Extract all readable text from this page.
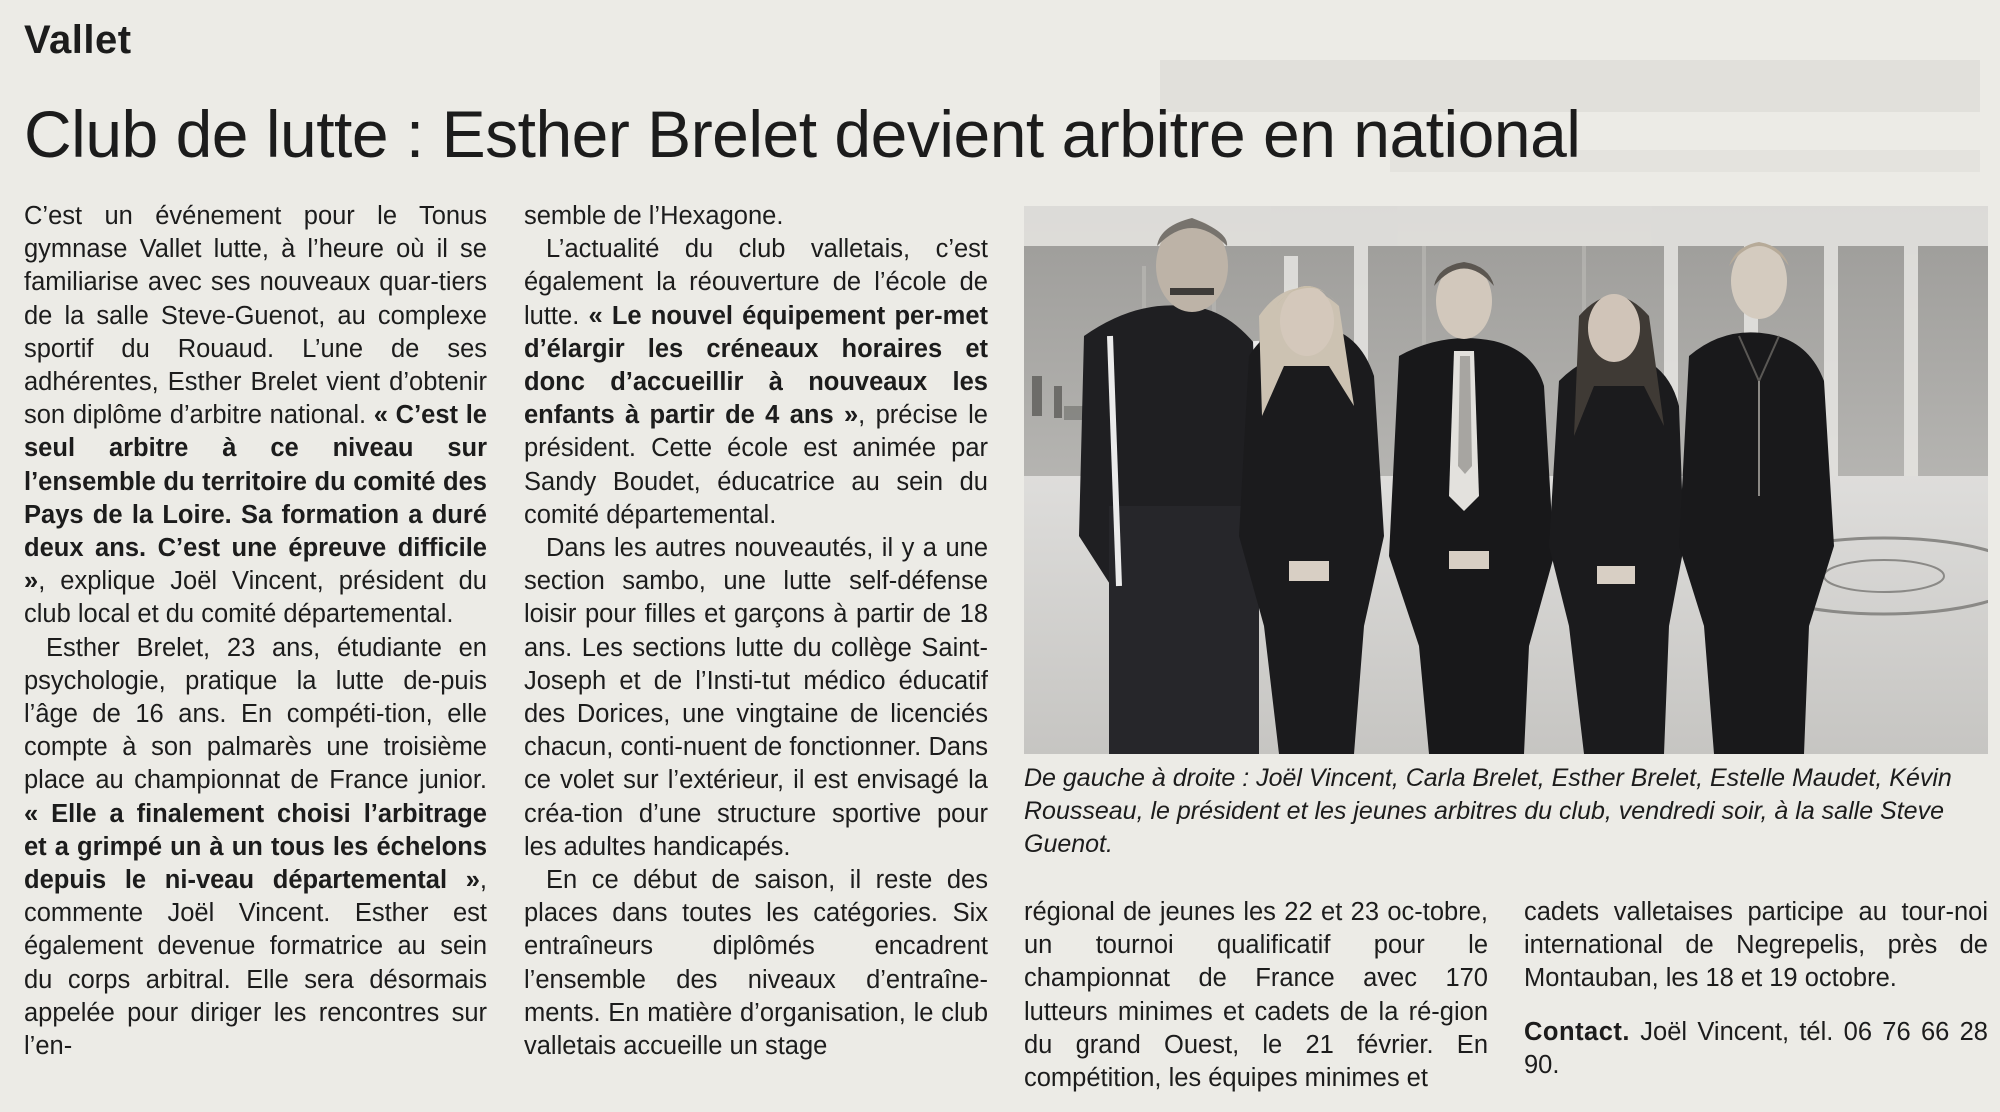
Vallet
Club de lutte : Esther Brelet devient arbitre en national

C’est un événement pour le Tonus gymnase Vallet lutte, à l’heure où il se familiarise avec ses nouveaux quar-tiers de la salle Steve-Guenot, au complexe sportif du Rouaud. L’une de ses adhérentes, Esther Brelet vient d’obtenir son diplôme d’arbitre national. « C’est le seul arbitre à ce niveau sur l’ensemble du territoire du comité des Pays de la Loire. Sa formation a duré deux ans. C’est une épreuve difficile », explique Joël Vincent, président du club local et du comité départemental.

Esther Brelet, 23 ans, étudiante en psychologie, pratique la lutte de-puis l’âge de 16 ans. En compéti-tion, elle compte à son palmarès une troisième place au championnat de France junior. « Elle a finalement choisi l’arbitrage et a grimpé un à un tous les échelons depuis le ni-veau départemental », commente Joël Vincent. Esther est également devenue formatrice au sein du corps arbitral. Elle sera désormais appelée pour diriger les rencontres sur l’en-

semble de l’Hexagone.

L’actualité du club valletais, c’est également la réouverture de l’école de lutte. « Le nouvel équipement per-met d’élargir les créneaux horaires et donc d’accueillir à nouveaux les enfants à partir de 4 ans », précise le président. Cette école est animée par Sandy Boudet, éducatrice au sein du comité départemental.

Dans les autres nouveautés, il y a une section sambo, une lutte self-défense loisir pour filles et garçons à partir de 18 ans. Les sections lutte du collège Saint-Joseph et de l’Insti-tut médico éducatif des Dorices, une vingtaine de licenciés chacun, conti-nuent de fonctionner. Dans ce volet sur l’extérieur, il est envisagé la créa-tion d’une structure sportive pour les adultes handicapés.

En ce début de saison, il reste des places dans toutes les catégories. Six entraîneurs diplômés encadrent l’ensemble des niveaux d’entraîne-ments. En matière d’organisation, le club valletais accueille un stage

De gauche à droite : Joël Vincent, Carla Brelet, Esther Brelet, Estelle Maudet, Kévin Rousseau, le président et les jeunes arbitres du club, vendredi soir, à la salle Steve Guenot.

régional de jeunes les 22 et 23 oc-tobre, un tournoi qualificatif pour le championnat de France avec 170 lutteurs minimes et cadets de la ré-gion du grand Ouest, le 21 février. En compétition, les équipes minimes et

cadets valletaises participe au tour-noi international de Negrepelis, près de Montauban, les 18 et 19 octobre.

Contact. Joël Vincent, tél. 06 76 66 28 90.
